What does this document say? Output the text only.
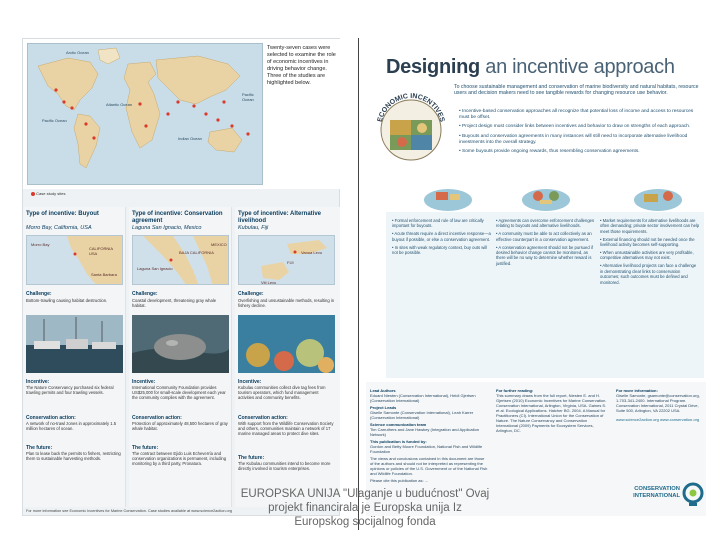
Arctic Ocean
Atlantic Ocean
Pacific Ocean
Indian Ocean
Pacific Ocean
Twenty-seven cases were selected to examine the role of economic incentives in driving behavior change. Three of the studies are highlighted below.
Case study sites
Type of incentive: Buyout
Morro Bay, California, USA
Morro Bay
CALIFORNIA USA
Santa Barbara
Challenge:
Bottom-trawling causing habitat destruction.
Incentive:
The Nature Conservancy purchased six federal trawling permits and four trawling vessels.
Conservation action:
A network of no-trawl zones in approximately 1.5 million hectares of ocean.
The future:
Plan to lease back the permits to fishers, restricting them to sustainable harvesting methods.
Type of incentive: Conservation agreement
Laguna San Ignacio, Mexico
Laguna San Ignacio
BAJA CALIFORNIA
MEXICO
Challenge:
Coastal development, threatening gray whale habitat.
Incentive:
International Community Foundation provides US$25,000 for small-scale development each year the community complies with the agreement.
Conservation action:
Protection of approximately 48,500 hectares of gray whale habitat.
The future:
The contract between Ejido Luis Echeverría and conservation organizations is permanent, including monitoring by a third party, Pronatura.
Type of incentive: Alternative livelihood
Kubulau, Fiji
Vanua Levu
FIJI
Viti Levu
Challenge:
Overfishing and unsustainable methods, resulting in fishery decline.
Incentive:
Kubulau communities collect dive tag fees from tourism operators, which fund management activities and community benefits.
Conservation action:
With support from the Wildlife Conservation Society and others, communities maintain a network of 17 marine managed areas to protect dive sites.
The future:
The Kubulau communities intend to become more directly involved in tourism enterprises.
For more information see Economic Incentives for Marine Conservation. Case studies available at www.science2action.org
Designing an incentive approach
ECONOMIC INCENTIVES
To choose sustainable management and conservation of marine biodiversity and natural habitats, resource users and decision makers need to see tangible rewards for changing resource use behavior.
• Incentive-based conservation approaches all recognize that potential loss of income and access to resources must be offset.
• Project design must consider links between incentives and behavior to draw on strengths of each approach.
• Buyouts and conservation agreements in many instances will still need to incorporate alternative livelihood investments into the overall strategy.
• Some buyouts provide ongoing rewards, thus resembling conservation agreements.
• Formal enforcement and rule of law are critically important for buyouts.
• Acute threats require a direct incentive response—a buyout if possible, or else a conservation agreement.
• In sites with weak regulatory context, buy outs will not be possible.
• Agreements can overcome enforcement challenges relating to buyouts and alternative livelihoods.
• A community must be able to act collectively as an effective counterpart in a conservation agreement.
• A conservation agreement should not be pursued if desired behavior change cannot be monitored, as there will be no way to determine whether reward is justified.
• Market requirements for alternative livelihoods are often demanding; private sector involvement can help meet those requirements.
• External financing should not be needed once the livelihood activity becomes self-supporting.
• When unsustainable activities are very profitable, competitive alternatives may not exist.
• Alternative livelihood projects can face a challenge in demonstrating clear links to conservation outcomes; such outcomes must be defined and monitored.
Lead Authors
Eduard Niesten (Conservation International), Heidi Gjertsen (Conservation International)
Project Leads
Giselle Samonte (Conservation International), Leah Karrer (Conservation International)
Science communication team
Tim Carruthers and Jane Hawkey (Integration and Application Network)
This publication is funded by:
Gordon and Betty Moore Foundation, National Fish and Wildlife Foundation
The views and conclusions contained in this document are those of the authors and should not be interpreted as representing the opinions or policies of the U.S. Government or of the National Fish and Wildlife Foundation.
Please cite this publication as: ...
For further reading:
This summary draws from the full report, Niesten E. and H. Gjertsen (2010) Economic Incentives for Marine Conservation. Conservation International, Arlington, Virginia, USA. Gaines S. et al. Ecological Applications. Hatcher BG. 2004. A Manual for Practitioners (CI). International Union for the Conservation of Nature. The Nature Conservancy and Conservation International (2009) Payments for Ecosystem Services, Arlington, DC.
For more information:
Giselle Samonte, gsamonte@conservation.org, 1-703-341-2400. International Program. Conservation International, 2011 Crystal Drive, Suite 500, Arlington, VA 22202 USA.
www.science2action.org www.conservation.org
CONSERVATION INTERNATIONAL
EUROPSKA UNIJA "Ulaganje u budućnost" Ovaj projekt financirala je Europska unija Iz Europskog socijalnog fonda
